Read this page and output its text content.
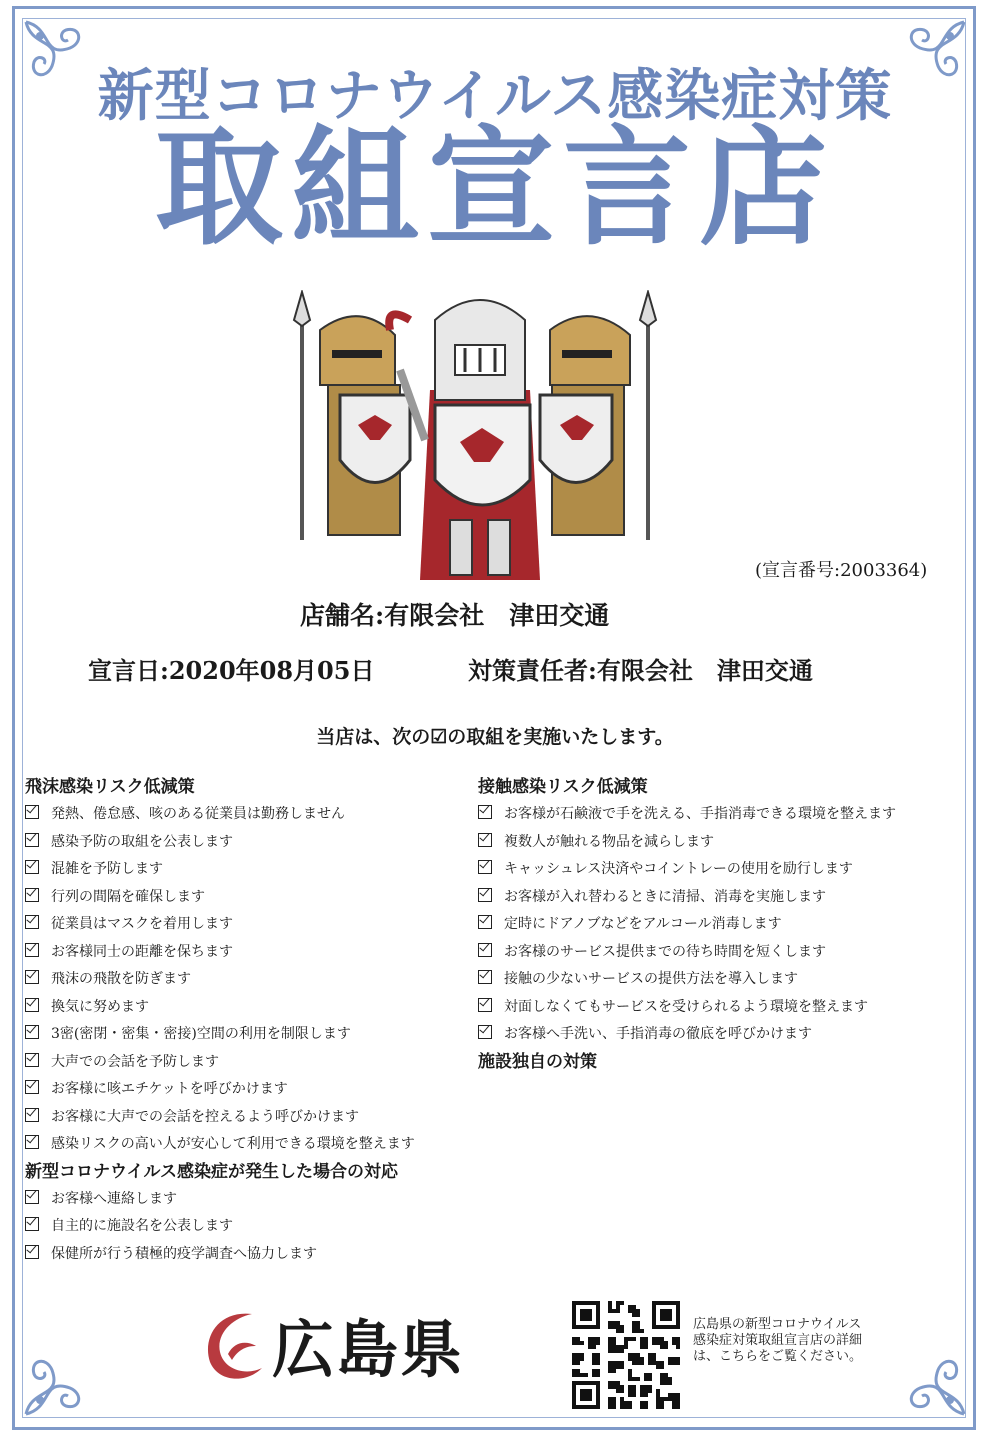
新型コロナウイルス感染症対策
取組宣言店
(宣言番号:2003364)
店舗名:有限会社　津田交通
宣言日:2020年08月05日	対策責任者:有限会社　津田交通
当店は、次の☑の取組を実施いたします。
飛沫感染リスク低減策
発熱、倦怠感、咳のある従業員は勤務しません
感染予防の取組を公表します
混雑を予防します
行列の間隔を確保します
従業員はマスクを着用します
お客様同士の距離を保ちます
飛沫の飛散を防ぎます
換気に努めます
3密(密閉・密集・密接)空間の利用を制限します
大声での会話を予防します
お客様に咳エチケットを呼びかけます
お客様に大声での会話を控えるよう呼びかけます
感染リスクの高い人が安心して利用できる環境を整えます
新型コロナウイルス感染症が発生した場合の対応
お客様へ連絡します
自主的に施設名を公表します
保健所が行う積極的疫学調査へ協力します
接触感染リスク低減策
お客様が石鹸液で手を洗える、手指消毒できる環境を整えます
複数人が触れる物品を減らします
キャッシュレス決済やコイントレーの使用を励行します
お客様が入れ替わるときに清掃、消毒を実施します
定時にドアノブなどをアルコール消毒します
お客様のサービス提供までの待ち時間を短くします
接触の少ないサービスの提供方法を導入します
対面しなくてもサービスを受けられるよう環境を整えます
お客様へ手洗い、手指消毒の徹底を呼びかけます
施設独自の対策
広島県	広島県の新型コロナウイルス感染症対策取組宣言店の詳細は、こちらをご覧ください。
